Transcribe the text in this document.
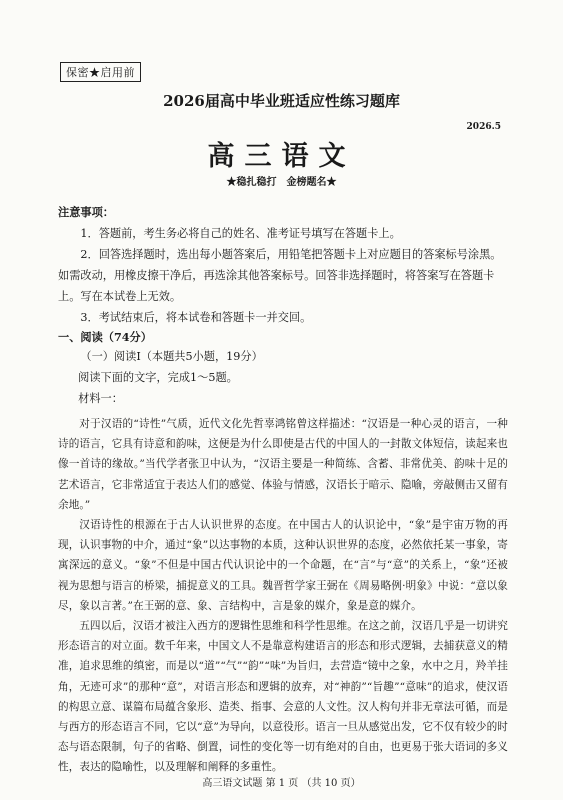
保密★启用前
2026届高中毕业班适应性练习题库
2026.5
高三语文
★稳扎稳打　金榜题名★
注意事项：

1．答题前，考生务必将自己的姓名、准考证号填写在答题卡上。

2．回答选择题时，选出每小题答案后，用铅笔把答题卡上对应题目的答案标号涂黑。如需改动，用橡皮擦干净后，再选涂其他答案标号。回答非选择题时，将答案写在答题卡上。写在本试卷上无效。

3．考试结束后，将本试卷和答题卡一并交回。

一、阅读（74分）

（一）阅读Ⅰ（本题共5小题，19分）

阅读下面的文字，完成1～5题。

材料一：

对于汉语的“诗性”气质，近代文化先哲辜鸿铭曾这样描述：“汉语是一种心灵的语言，一种诗的语言，它具有诗意和韵味，这便是为什么即使是古代的中国人的一封散文体短信，读起来也像一首诗的缘故。”当代学者张卫中认为，“汉语主要是一种简练、含蓄、非常优美、韵味十足的艺术语言，它非常适宜于表达人们的感觉、体验与情感，汉语长于暗示、隐喻，旁敲侧击又留有余地。”

汉语诗性的根源在于古人认识世界的态度。在中国古人的认识论中，“象”是宇宙万物的再现，认识事物的中介，通过“象”以达事物的本质，这种认识世界的态度，必然依托某一事象，寄寓深远的意义。“象”不但是中国古代认识论中的一个命题，在“言”与“意”的关系上，“象”还被视为思想与语言的桥梁，捕捉意义的工具。魏晋哲学家王弼在《周易略例·明象》中说：“意以象尽，象以言著。”在王弼的意、象、言结构中，言是象的媒介，象是意的媒介。

五四以后，汉语才被注入西方的逻辑性思维和科学性思维。在这之前，汉语几乎是一切讲究形态语言的对立面。数千年来，中国文人不是靠意构建语言的形态和形式逻辑，去捕获意义的精准，追求思维的缜密，而是以“道”“气”“韵”“味”为旨归，去营造“镜中之象，水中之月，羚羊挂角，无迹可求”的那种“意”，对语言形态和逻辑的放弃，对“神韵”“旨趣”“意味”的追求，使汉语的构思立意、谋篇布局蕴含象形、造类、指事、会意的人文性。汉人构句并非无章法可循，而是与西方的形态语言不同，它以“意”为导向，以意役形。语言一旦从感觉出发，它不仅有较少的时态与语态限制，句子的省略、倒置，词性的变化等一切有绝对的自由，也更易于张大语词的多义性，表达的隐喻性，以及理解和阐释的多重性。

高三语文试题 第 1 页 （共 10 页）
